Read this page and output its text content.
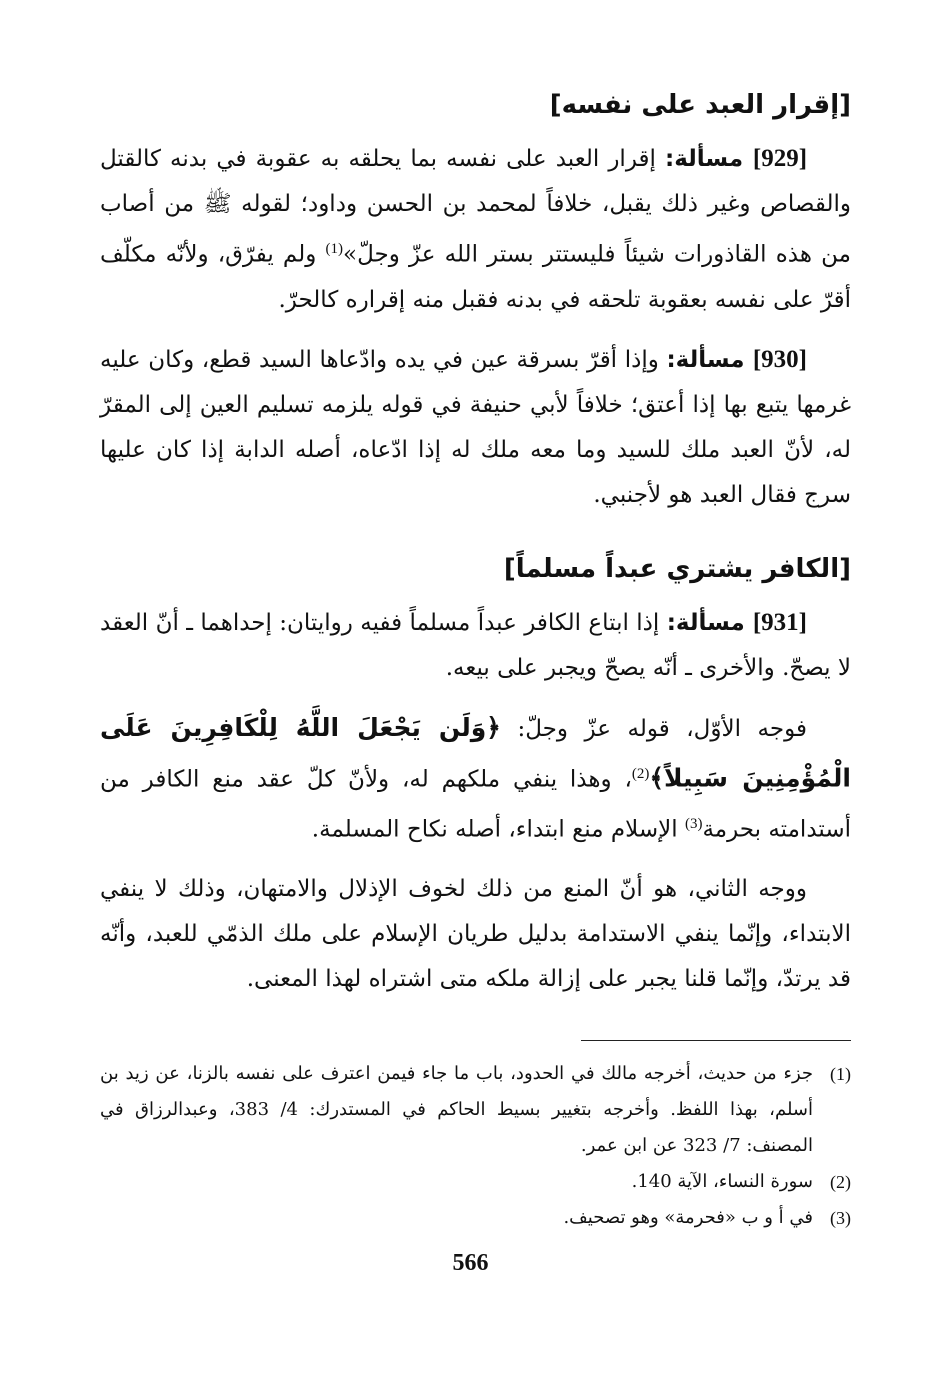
[إقرار العبد على نفسه]

[929] مسألة: إقرار العبد على نفسه بما يحلقه به عقوبة في بدنه كالقتل والقصاص وغير ذلك يقبل، خلافاً لمحمد بن الحسن وداود؛ لقوله ﷺ من أصاب من هذه القاذورات شيئاً فليستتر بستر الله عزّ وجلّ»$^{(1)}$ ولم يفرّق، ولأنّه مكلّف أقرّ على نفسه بعقوبة تلحقه في بدنه فقبل منه إقراره كالحرّ.

[930] مسألة: وإذا أقرّ بسرقة عين في يده وادّعاها السيد قطع، وكان عليه غرمها يتبع بها إذا أعتق؛ خلافاً لأبي حنيفة في قوله يلزمه تسليم العين إلى المقرّ له، لأنّ العبد ملك للسيد وما معه ملك له إذا ادّعاه، أصله الدابة إذا كان عليها سرج فقال العبد هو لأجنبي.

[الكافر يشتري عبداً مسلماً]

[931] مسألة: إذا ابتاع الكافر عبداً مسلماً ففيه روايتان: إحداهما ـ أنّ العقد لا يصحّ. والأخرى ـ أنّه يصحّ ويجبر على بيعه.

فوجه الأوّل، قوله عزّ وجلّ: ﴿وَلَن يَجْعَلَ اللَّهُ لِلْكَافِرِينَ عَلَى الْمُؤْمِنِينَ سَبِيلاً﴾$^{(2)}$، وهذا ينفي ملكهم له، ولأنّ كلّ عقد منع الكافر من أستدامته بحرمة$^{(3)}$ الإسلام منع ابتداء، أصله نكاح المسلمة.

ووجه الثاني، هو أنّ المنع من ذلك لخوف الإذلال والامتهان، وذلك لا ينفي الابتداء، وإنّما ينفي الاستدامة بدليل طريان الإسلام على ملك الذمّي للعبد، وأنّه قد يرتدّ، وإنّما قلنا يجبر على إزالة ملكه متى اشتراه لهذا المعنى.

(1)
جزء من حديث، أخرجه مالك في الحدود، باب ما جاء فيمن اعترف على نفسه بالزنا، عن زيد بن أسلم، بهذا اللفظ. وأخرجه بتغيير بسيط الحاكم في المستدرك: 4/ 383، وعبدالرزاق في المصنف: 7/ 323 عن ابن عمر.
(2)
سورة النساء، الآية 140.
(3)
في أ و ب «فحرمة» وهو تصحيف.
566
